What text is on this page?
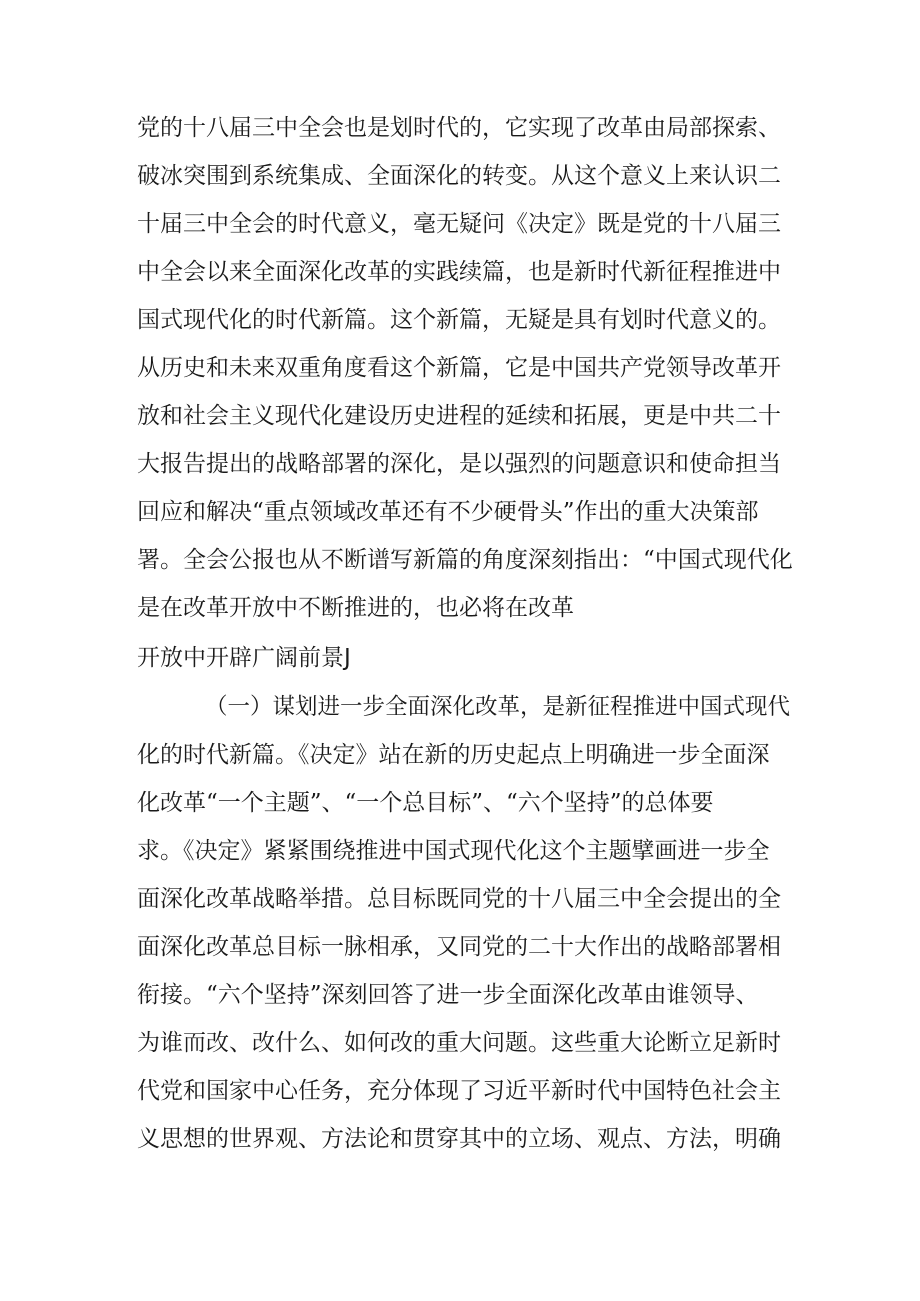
党的十八届三中全会也是划时代的，它实现了改革由局部探索、
破冰突围到系统集成、全面深化的转变。从这个意义上来认识二
十届三中全会的时代意义，毫无疑问《决定》既是党的十八届三
中全会以来全面深化改革的实践续篇，也是新时代新征程推进中
国式现代化的时代新篇。这个新篇，无疑是具有划时代意义的。
从历史和未来双重角度看这个新篇，它是中国共产党领导改革开
放和社会主义现代化建设历史进程的延续和拓展，更是中共二十
大报告提出的战略部署的深化，是以强烈的问题意识和使命担当
回应和解决“重点领域改革还有不少硬骨头”作出的重大决策部
署。全会公报也从不断谱写新篇的角度深刻指出：“中国式现代化
是在改革开放中不断推进的，也必将在改革
开放中开辟广阔前景J
（一）谋划进一步全面深化改革，是新征程推进中国式现代
化的时代新篇。《决定》站在新的历史起点上明确进一步全面深
化改革“一个主题”、“一个总目标”、“六个坚持”的总体要
求。《决定》紧紧围绕推进中国式现代化这个主题擘画进一步全
面深化改革战略举措。总目标既同党的十八届三中全会提出的全
面深化改革总目标一脉相承，又同党的二十大作出的战略部署相
衔接。“六个坚持”深刻回答了进一步全面深化改革由谁领导、
为谁而改、改什么、如何改的重大问题。这些重大论断立足新时
代党和国家中心任务，充分体现了习近平新时代中国特色社会主
义思想的世界观、方法论和贯穿其中的立场、观点、方法，明确
